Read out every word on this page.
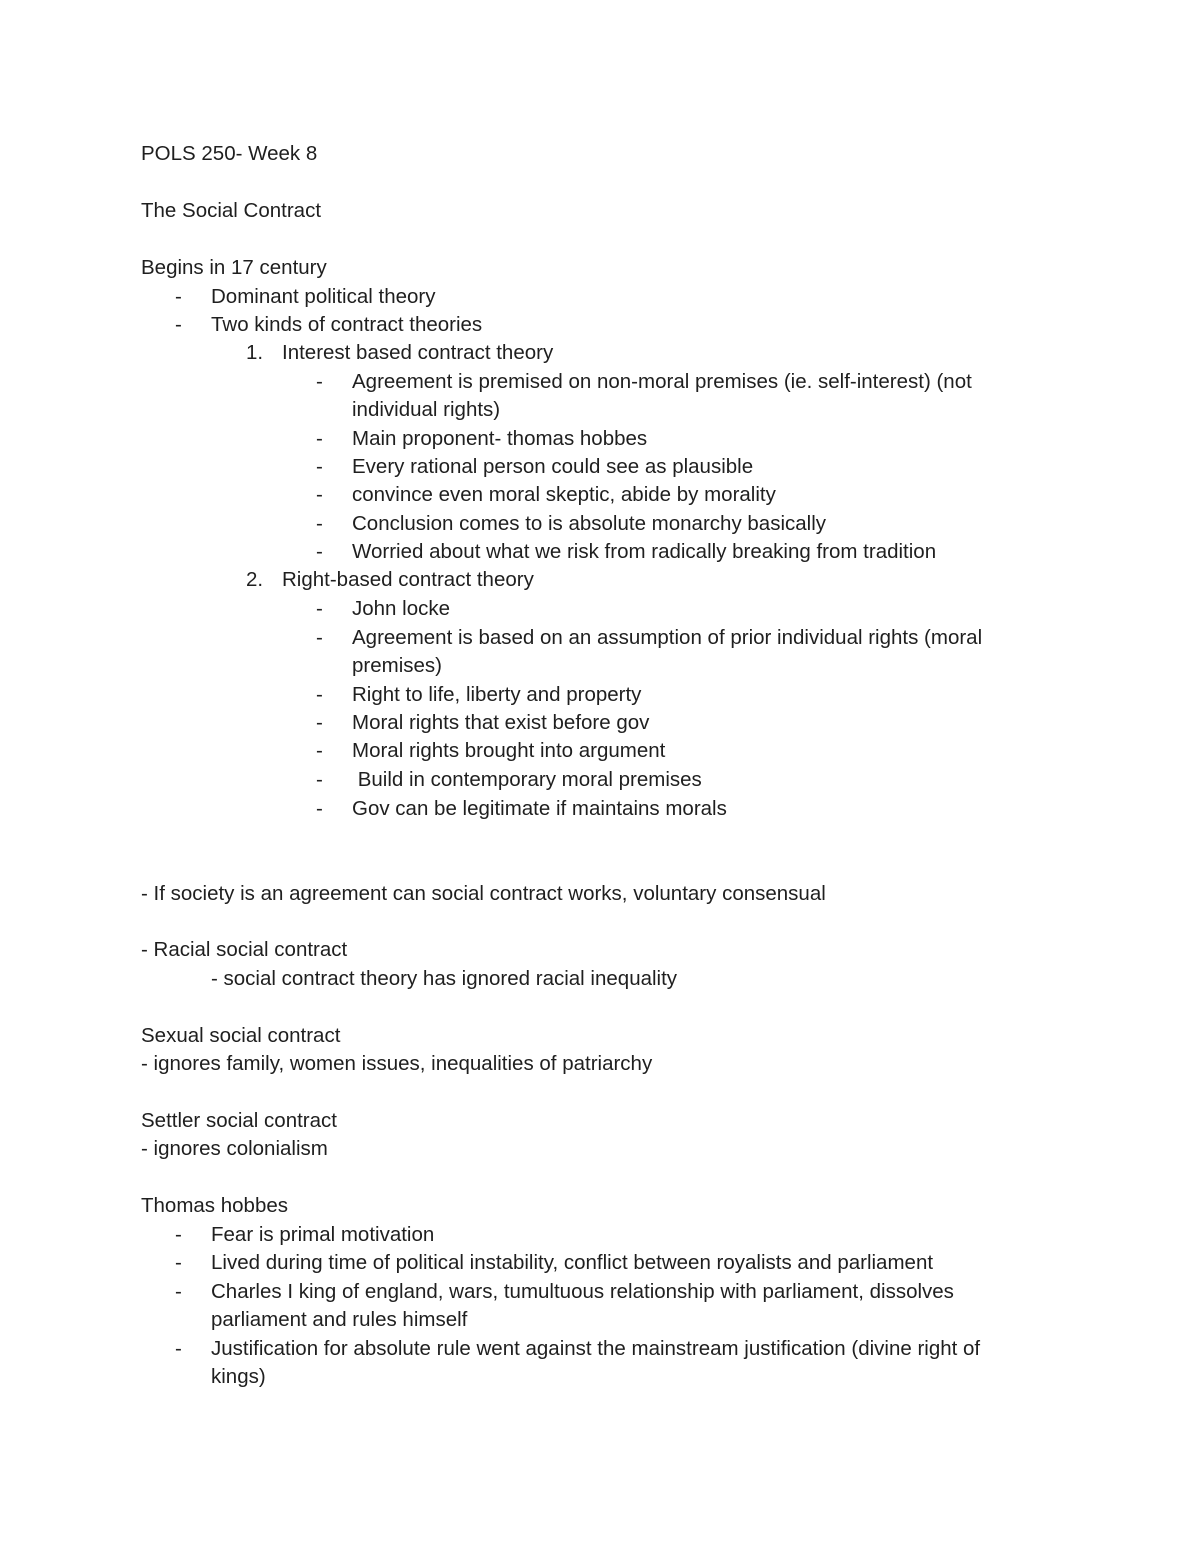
POLS 250- Week 8
The Social Contract
Begins in 17 century
- Dominant political theory
- Two kinds of contract theories
1. Interest based contract theory
- Agreement is premised on non-moral premises (ie. self-interest) (not
individual rights)
- Main proponent- thomas hobbes
- Every rational person could see as plausible
- convince even moral skeptic, abide by morality
- Conclusion comes to is absolute monarchy basically
- Worried about what we risk from radically breaking from tradition
2. Right-based contract theory
- John locke
- Agreement is based on an assumption of prior individual rights (moral
premises)
- Right to life, liberty and property
- Moral rights that exist before gov
- Moral rights brought into argument
- Build in contemporary moral premises
- Gov can be legitimate if maintains morals
- If society is an agreement can social contract works, voluntary consensual
- Racial social contract
- social contract theory has ignored racial inequality
Sexual social contract
- ignores family, women issues, inequalities of patriarchy
Settler social contract
- ignores colonialism
Thomas hobbes
- Fear is primal motivation
- Lived during time of political instability, conflict between royalists and parliament
- Charles I king of england, wars, tumultuous relationship with parliament, dissolves
parliament and rules himself
- Justification for absolute rule went against the mainstream justification (divine right of
kings)
